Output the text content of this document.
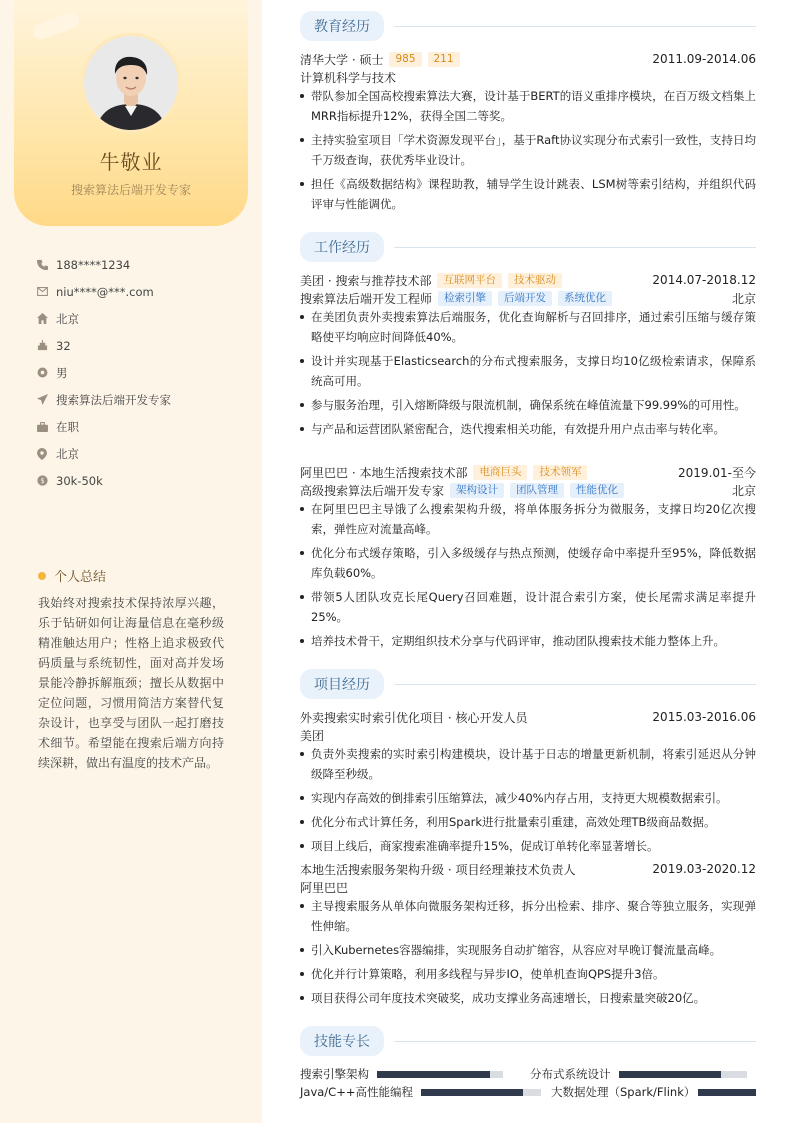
牛敬业
搜索算法后端开发专家
188****1234
niu****@***.com
北京
32
男
搜索算法后端开发专家
在职
北京
$ 30k-50k
个人总结
我始终对搜索技术保持浓厚兴趣，乐于钻研如何让海量信息在毫秒级精准触达用户；性格上追求极致代码质量与系统韧性，面对高并发场景能冷静拆解瓶颈；擅长从数据中定位问题，习惯用简洁方案替代复杂设计，也享受与团队一起打磨技术细节。希望能在搜索后端方向持续深耕，做出有温度的技术产品。
教育经历
清华大学 · 硕士	985	211	2011.09-2014.06
计算机科学与技术
带队参加全国高校搜索算法大赛，设计基于BERT的语义重排序模块，在百万级文档集上MRR指标提升12%，获得全国二等奖。
主持实验室项目「学术资源发现平台」，基于Raft协议实现分布式索引一致性，支持日均千万级查询，获优秀毕业设计。
担任《高级数据结构》课程助教，辅导学生设计跳表、LSM树等索引结构，并组织代码评审与性能调优。
工作经历
美团 · 搜索与推荐技术部	互联网平台	技术驱动	2014.07-2018.12
搜索算法后端开发工程师	检索引擎	后端开发	系统优化	北京
在美团负责外卖搜索算法后端服务，优化查询解析与召回排序，通过索引压缩与缓存策略使平均响应时间降低40%。
设计并实现基于Elasticsearch的分布式搜索服务，支撑日均10亿级检索请求，保障系统高可用。
参与服务治理，引入熔断降级与限流机制，确保系统在峰值流量下99.99%的可用性。
与产品和运营团队紧密配合，迭代搜索相关功能，有效提升用户点击率与转化率。
阿里巴巴 · 本地生活搜索技术部	电商巨头	技术领军	2019.01-至今
高级搜索算法后端开发专家	架构设计	团队管理	性能优化	北京
在阿里巴巴主导饿了么搜索架构升级，将单体服务拆分为微服务，支撑日均20亿次搜索，弹性应对流量高峰。
优化分布式缓存策略，引入多级缓存与热点预测，使缓存命中率提升至95%，降低数据库负载60%。
带领5人团队攻克长尾Query召回难题，设计混合索引方案，使长尾需求满足率提升25%。
培养技术骨干，定期组织技术分享与代码评审，推动团队搜索技术能力整体上升。
项目经历
外卖搜索实时索引优化项目 · 核心开发人员	2015.03-2016.06
美团
负责外卖搜索的实时索引构建模块，设计基于日志的增量更新机制，将索引延迟从分钟级降至秒级。
实现内存高效的倒排索引压缩算法，减少40%内存占用，支持更大规模数据索引。
优化分布式计算任务，利用Spark进行批量索引重建，高效处理TB级商品数据。
项目上线后，商家搜索准确率提升15%，促成订单转化率显著增长。
本地生活搜索服务架构升级 · 项目经理兼技术负责人	2019.03-2020.12
阿里巴巴
主导搜索服务从单体向微服务架构迁移，拆分出检索、排序、聚合等独立服务，实现弹性伸缩。
引入Kubernetes容器编排，实现服务自动扩缩容，从容应对早晚订餐流量高峰。
优化并行计算策略，利用多线程与异步IO，使单机查询QPS提升3倍。
项目获得公司年度技术突破奖，成功支撑业务高速增长，日搜索量突破20亿。
技能专长
搜索引擎架构	分布式系统设计
Java/C++高性能编程	大数据处理（Spark/Flink）
